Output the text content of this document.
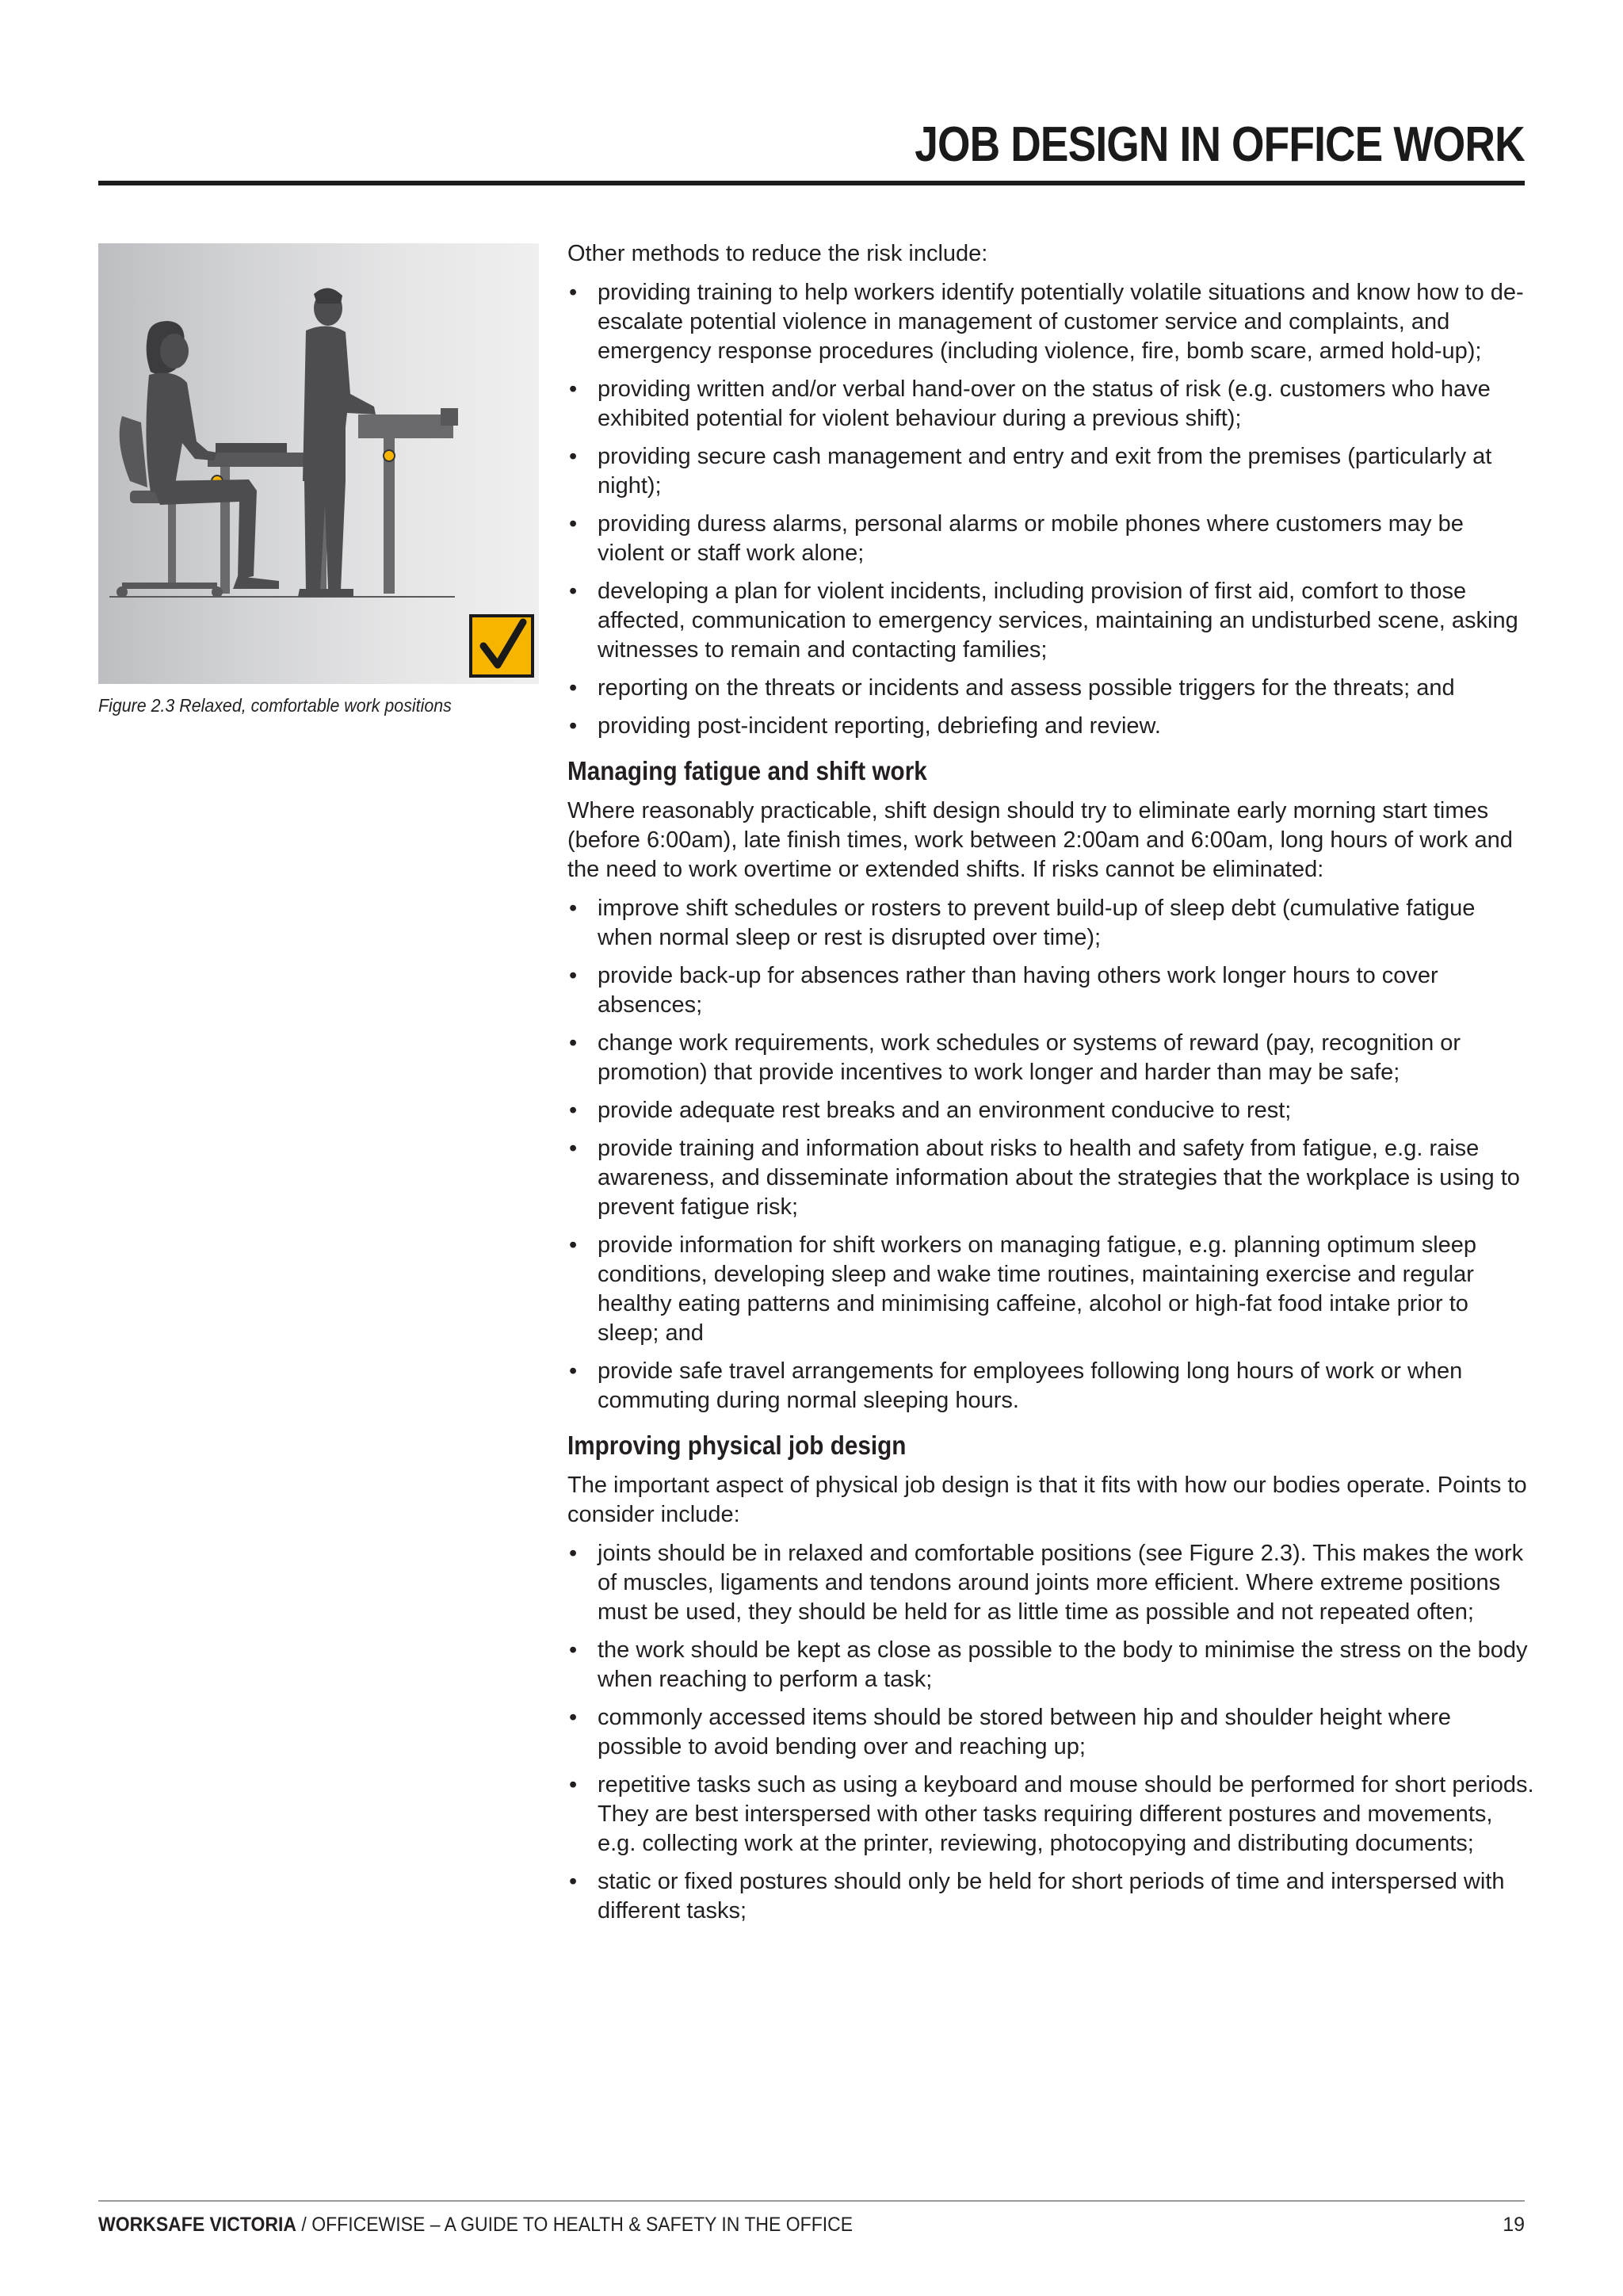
JOB DESIGN IN OFFICE WORK
Figure 2.3 Relaxed, comfortable work positions

Other methods to reduce the risk include:

• providing training to help workers identify potentially volatile situations and know how to de-escalate potential violence in management of customer service and complaints, and emergency response procedures (including violence, fire, bomb scare, armed hold-up);
• providing written and/or verbal hand-over on the status of risk (e.g. customers who have exhibited potential for violent behaviour during a previous shift);
• providing secure cash management and entry and exit from the premises (particularly at night);
• providing duress alarms, personal alarms or mobile phones where customers may be violent or staff work alone;
• developing a plan for violent incidents, including provision of first aid, comfort to those affected, communication to emergency services, maintaining an undisturbed scene, asking witnesses to remain and contacting families;
• reporting on the threats or incidents and assess possible triggers for the threats; and
• providing post-incident reporting, debriefing and review.
Managing fatigue and shift work

Where reasonably practicable, shift design should try to eliminate early morning start times (before 6:00am), late finish times, work between 2:00am and 6:00am, long hours of work and the need to work overtime or extended shifts. If risks cannot be eliminated:

• improve shift schedules or rosters to prevent build-up of sleep debt (cumulative fatigue when normal sleep or rest is disrupted over time);
• provide back-up for absences rather than having others work longer hours to cover absences;
• change work requirements, work schedules or systems of reward (pay, recognition or promotion) that provide incentives to work longer and harder than may be safe;
• provide adequate rest breaks and an environment conducive to rest;
• provide training and information about risks to health and safety from fatigue, e.g. raise awareness, and disseminate information about the strategies that the workplace is using to prevent fatigue risk;
• provide information for shift workers on managing fatigue, e.g. planning optimum sleep conditions, developing sleep and wake time routines, maintaining exercise and regular healthy eating patterns and minimising caffeine, alcohol or high-fat food intake prior to sleep; and
• provide safe travel arrangements for employees following long hours of work or when commuting during normal sleeping hours.
Improving physical job design

The important aspect of physical job design is that it fits with how our bodies operate. Points to consider include:

• joints should be in relaxed and comfortable positions (see Figure 2.3). This makes the work of muscles, ligaments and tendons around joints more efficient. Where extreme positions must be used, they should be held for as little time as possible and not repeated often;
• the work should be kept as close as possible to the body to minimise the stress on the body when reaching to perform a task;
• commonly accessed items should be stored between hip and shoulder height where possible to avoid bending over and reaching up;
• repetitive tasks such as using a keyboard and mouse should be performed for short periods. They are best interspersed with other tasks requiring different postures and movements, e.g. collecting work at the printer, reviewing, photocopying and distributing documents;
• static or fixed postures should only be held for short periods of time and interspersed with different tasks;
WORKSAFE VICTORIA / OFFICEWISE – A GUIDE TO HEALTH & SAFETY IN THE OFFICE	19
